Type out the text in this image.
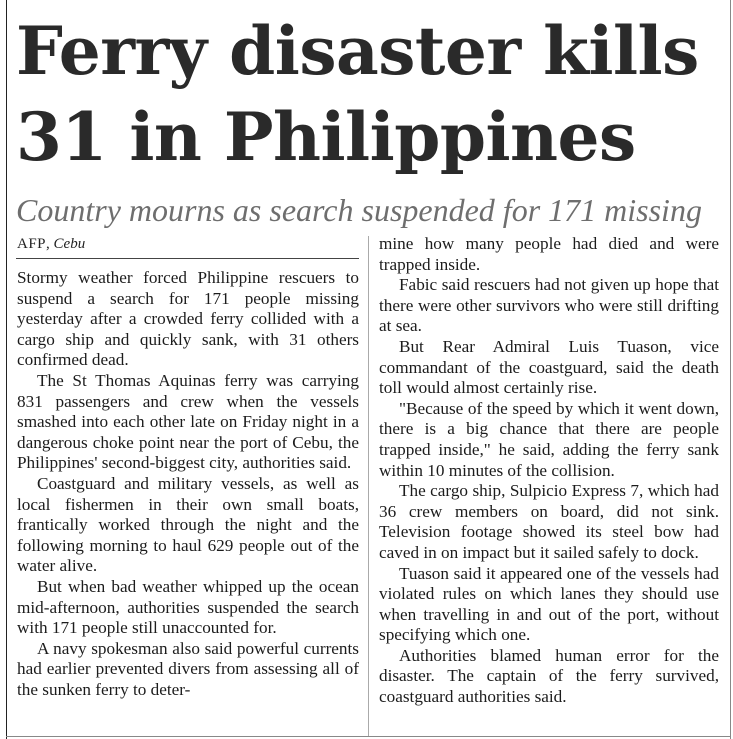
Ferry disaster kills
31 in Philippines
Country mourns as search suspended for 171 missing
AFP, Cebu

Stormy weather forced Philippine rescuers to suspend a search for 171 people missing yesterday after a crowded ferry collided with a cargo ship and quickly sank, with 31 others confirmed dead.

The St Thomas Aquinas ferry was carrying 831 passengers and crew when the vessels smashed into each other late on Friday night in a dangerous choke point near the port of Cebu, the Philippines' second-biggest city, authorities said.

Coastguard and military vessels, as well as local fishermen in their own small boats, frantically worked through the night and the following morning to haul 629 people out of the water alive.

But when bad weather whipped up the ocean mid-afternoon, authorities suspended the search with 171 people still unaccounted for.

A navy spokesman also said powerful currents had earlier prevented divers from assessing all of the sunken ferry to deter-

mine how many people had died and were trapped inside.

Fabic said rescuers had not given up hope that there were other survivors who were still drifting at sea.

But Rear Admiral Luis Tuason, vice commandant of the coastguard, said the death toll would almost certainly rise.

"Because of the speed by which it went down, there is a big chance that there are people trapped inside," he said, adding the ferry sank within 10 minutes of the collision.

The cargo ship, Sulpicio Express 7, which had 36 crew members on board, did not sink. Television footage showed its steel bow had caved in on impact but it sailed safely to dock.

Tuason said it appeared one of the vessels had violated rules on which lanes they should use when travelling in and out of the port, without specifying which one.

Authorities blamed human error for the disaster. The captain of the ferry survived, coastguard authorities said.
